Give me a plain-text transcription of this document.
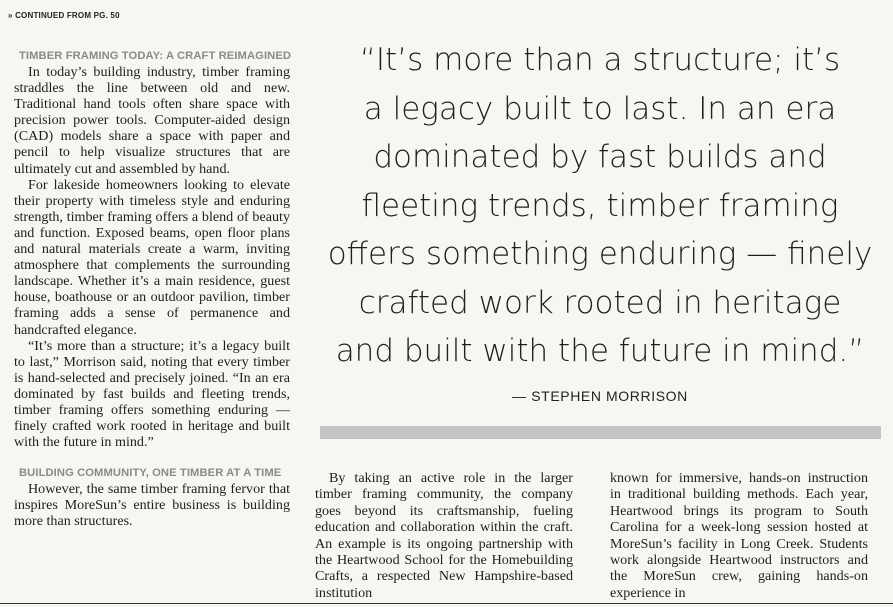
» CONTINUED FROM PG. 50
TIMBER FRAMING TODAY: A CRAFT REIMAGINED

In today’s building industry, timber framing straddles the line between old and new. Traditional hand tools often share space with precision power tools. Computer-aided design (CAD) models share a space with paper and pencil to help visualize structures that are ultimately cut and assembled by hand.

For lakeside homeowners looking to elevate their property with timeless style and enduring strength, timber framing offers a blend of beauty and function. Exposed beams, open floor plans and natural materials create a warm, inviting atmosphere that complements the surrounding landscape. Whether it’s a main residence, guest house, boathouse or an outdoor pavilion, timber framing adds a sense of permanence and handcrafted elegance.

“It’s more than a structure; it’s a legacy built to last,” Morrison said, noting that every timber is hand-selected and precisely joined. “In an era dominated by fast builds and fleeting trends, timber framing offers something enduring — finely crafted work rooted in heritage and built with the future in mind.”

BUILDING COMMUNITY, ONE TIMBER AT A TIME

However, the same timber framing fervor that inspires MoreSun’s entire business is building more than structures.

“It’s more than a structure; it’s
a legacy built to last. In an era
dominated by fast builds and
fleeting trends, timber framing
offers something enduring — finely
crafted work rooted in heritage
and built with the future in mind.”

— STEPHEN MORRISON

By taking an active role in the larger timber framing community, the company goes beyond its craftsmanship, fueling education and collaboration within the craft. An example is its ongoing partnership with the Heartwood School for the Homebuilding Crafts, a respected New Hampshire-based institution

known for immersive, hands-on instruction in traditional building methods. Each year, Heartwood brings its program to South Carolina for a week-long session hosted at MoreSun’s facility in Long Creek. Students work alongside Heartwood instructors and the MoreSun crew, gaining hands-on experience in
